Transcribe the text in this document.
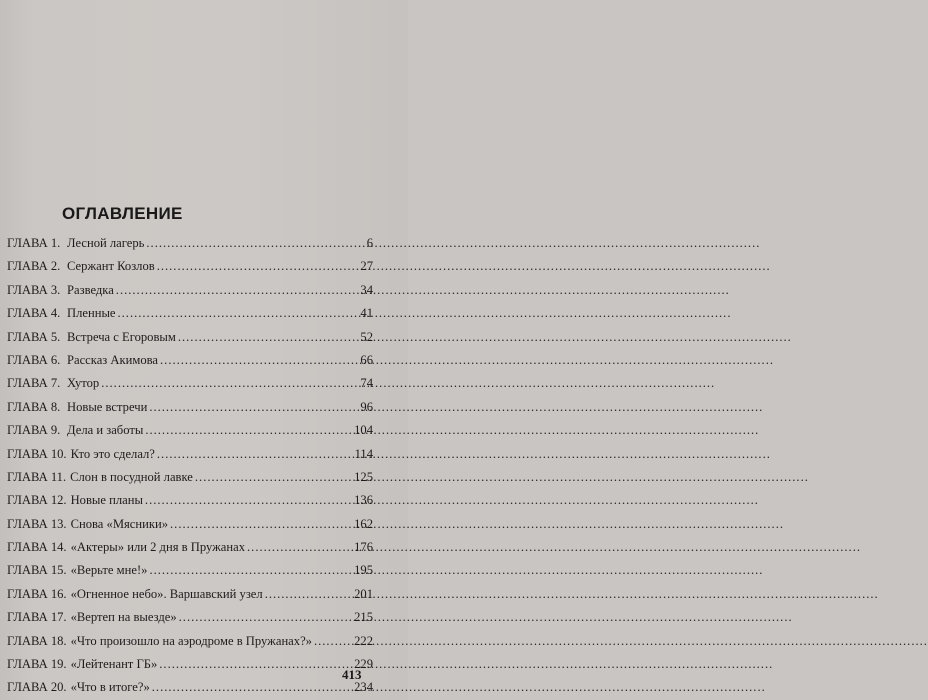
ОГЛАВЛЕНИЕ
ГЛАВА 1. Лесной лагерь .....	6
ГЛАВА 2. Сержант Козлов .....	27
ГЛАВА 3. Разведка .....	34
ГЛАВА 4. Пленные .....	41
ГЛАВА 5. Встреча с Егоровым .....	52
ГЛАВА 6. Рассказ Акимова .....	66
ГЛАВА 7. Хутор .....	74
ГЛАВА 8. Новые встречи .....	96
ГЛАВА 9. Дела и заботы .....	104
ГЛАВА 10. Кто это сделал? .....	114
ГЛАВА 11. Слон в посудной лавке .....	125
ГЛАВА 12. Новые планы .....	136
ГЛАВА 13. Снова «Мясники» .....	162
ГЛАВА 14. «Актеры» или 2 дня в Пружанах .....	176
ГЛАВА 15. «Верьте мне!» .....	195
ГЛАВА 16. «Огненное небо». Варшавский узел .....	201
ГЛАВА 17. «Вертеп на выезде» .....	215
ГЛАВА 18. «Что произошло на аэродроме в Пружанах?» .....	222
ГЛАВА 19. «Лейтенант ГБ» .....	229
ГЛАВА 20. «Что в итоге?» .....	234
413
